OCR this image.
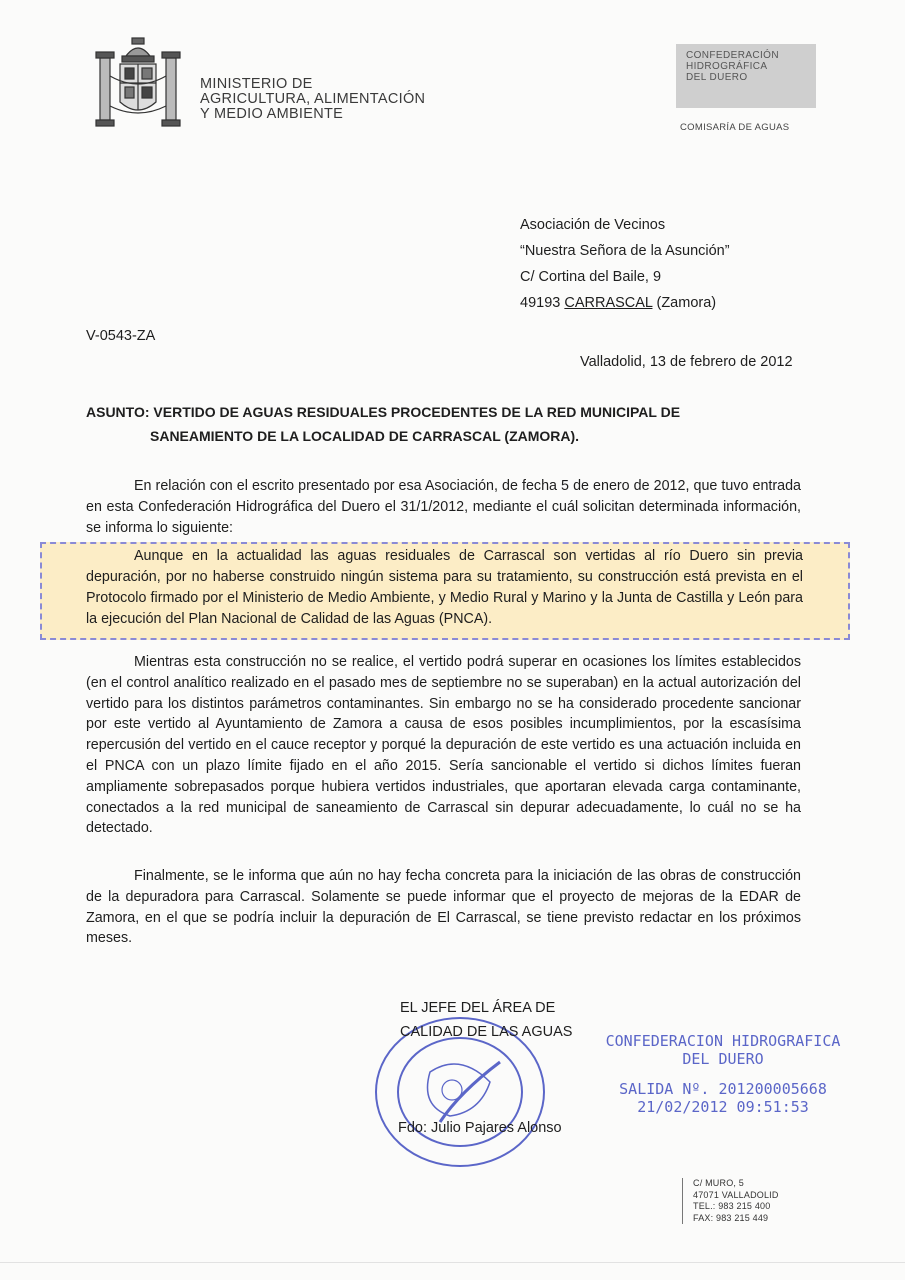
MINISTERIO DE
AGRICULTURA, ALIMENTACIÓN
Y MEDIO AMBIENTE
CONFEDERACIÓN
HIDROGRÁFICA
DEL DUERO
COMISARÍA DE AGUAS
Asociación de Vecinos
“Nuestra Señora de la Asunción”
C/ Cortina del Baile, 9
49193 CARRASCAL (Zamora)
V-0543-ZA
Valladolid, 13 de febrero de 2012
ASUNTO: VERTIDO DE AGUAS RESIDUALES PROCEDENTES DE LA RED MUNICIPAL DE
SANEAMIENTO DE LA LOCALIDAD DE CARRASCAL (ZAMORA).
En relación con el escrito presentado por esa Asociación, de fecha 5 de enero de 2012, que tuvo entrada en esta Confederación Hidrográfica del Duero el 31/1/2012, mediante el cuál solicitan determinada información, se informa lo siguiente:
Aunque en la actualidad las aguas residuales de Carrascal son vertidas al río Duero sin previa depuración, por no haberse construido ningún sistema para su tratamiento, su construcción está prevista en el Protocolo firmado por el Ministerio de Medio Ambiente, y Medio Rural y Marino y la Junta de Castilla y León para la ejecución del Plan Nacional de Calidad de las Aguas (PNCA).
Mientras esta construcción no se realice, el vertido podrá superar en ocasiones los límites establecidos (en el control analítico realizado en el pasado mes de septiembre no se superaban) en la actual autorización del vertido para los distintos parámetros contaminantes. Sin embargo no se ha considerado procedente sancionar por este vertido al Ayuntamiento de Zamora a causa de esos posibles incumplimientos, por la escasísima repercusión del vertido en el cauce receptor y porqué la depuración de este vertido es una actuación incluida en el PNCA con un plazo límite fijado en el año 2015. Sería sancionable el vertido si dichos límites fueran ampliamente sobrepasados porque hubiera vertidos industriales, que aportaran elevada carga contaminante, conectados a la red municipal de saneamiento de Carrascal sin depurar adecuadamente, lo cuál no se ha detectado.
Finalmente, se le informa que aún no hay fecha concreta para la iniciación de las obras de construcción de la depuradora para Carrascal. Solamente se puede informar que el proyecto de mejoras de la EDAR de Zamora, en el que se podría incluir la depuración de El Carrascal, se tiene previsto redactar en los próximos meses.
EL JEFE DEL ÁREA DE
CALIDAD DE LAS AGUAS
Fdo: Julio Pajares Alonso
CONFEDERACION HIDROGRAFICA
DEL DUERO
SALIDA Nº. 201200005668
21/02/2012 09:51:53
C/ MURO, 5
47071 VALLADOLID
TEL.: 983 215 400
FAX: 983 215 449
